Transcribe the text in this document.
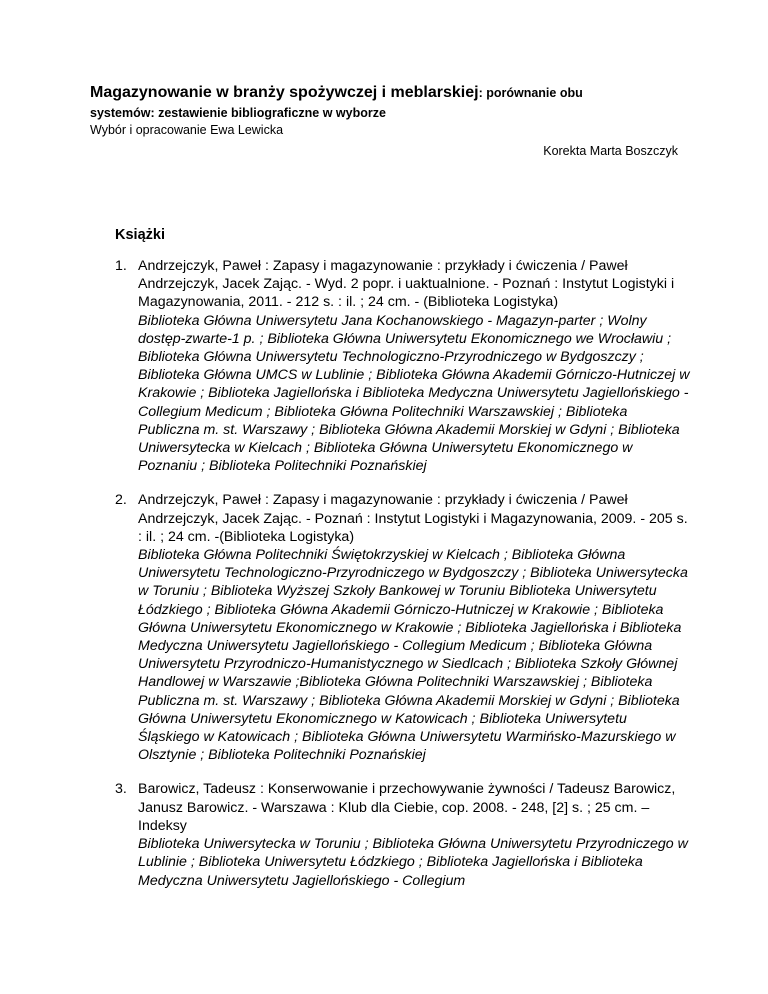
Magazynowanie w branży spożywczej i meblarskiej: porównanie obu
systemów: zestawienie bibliograficzne w wyborze
Wybór i opracowanie Ewa Lewicka
Korekta Marta Boszczyk
Książki
1. Andrzejczyk, Paweł : Zapasy i magazynowanie : przykłady i ćwiczenia / Paweł Andrzejczyk, Jacek Zając. - Wyd. 2 popr. i uaktualnione. - Poznań : Instytut Logistyki i Magazynowania, 2011. - 212 s. : il. ; 24 cm. - (Biblioteka Logistyka)
Biblioteka Główna Uniwersytetu Jana Kochanowskiego - Magazyn-parter ; Wolny dostęp-zwarte-1 p. ; Biblioteka Główna Uniwersytetu Ekonomicznego we Wrocławiu ; Biblioteka Główna Uniwersytetu Technologiczno-Przyrodniczego w Bydgoszczy ; Biblioteka Główna UMCS w Lublinie ; Biblioteka Główna Akademii Górniczo-Hutniczej w Krakowie ; Biblioteka Jagiellońska i Biblioteka Medyczna Uniwersytetu Jagiellońskiego - Collegium Medicum ; Biblioteka Główna Politechniki Warszawskiej ; Biblioteka Publiczna m. st. Warszawy ; Biblioteka Główna Akademii Morskiej w Gdyni ; Biblioteka Uniwersytecka w Kielcach ; Biblioteka Główna Uniwersytetu Ekonomicznego w Poznaniu ; Biblioteka Politechniki Poznańskiej
2. Andrzejczyk, Paweł : Zapasy i magazynowanie : przykłady i ćwiczenia / Paweł Andrzejczyk, Jacek Zając. - Poznań : Instytut Logistyki i Magazynowania, 2009. - 205 s. : il. ; 24 cm. -(Biblioteka Logistyka)
Biblioteka Główna Politechniki Świętokrzyskiej w Kielcach ; Biblioteka Główna Uniwersytetu Technologiczno-Przyrodniczego w Bydgoszczy ; Biblioteka Uniwersytecka w Toruniu ; Biblioteka Wyższej Szkoły Bankowej w Toruniu Biblioteka Uniwersytetu Łódzkiego ; Biblioteka Główna Akademii Górniczo-Hutniczej w Krakowie ; Biblioteka Główna Uniwersytetu Ekonomicznego w Krakowie ; Biblioteka Jagiellońska i Biblioteka Medyczna Uniwersytetu Jagiellońskiego - Collegium Medicum ; Biblioteka Główna Uniwersytetu Przyrodniczo-Humanistycznego w Siedlcach ; Biblioteka Szkoły Głównej Handlowej w Warszawie ;Biblioteka Główna Politechniki Warszawskiej ; Biblioteka Publiczna m. st. Warszawy ; Biblioteka Główna Akademii Morskiej w Gdyni ; Biblioteka Główna Uniwersytetu Ekonomicznego w Katowicach ; Biblioteka Uniwersytetu Śląskiego w Katowicach ; Biblioteka Główna Uniwersytetu Warmińsko-Mazurskiego w Olsztynie ; Biblioteka Politechniki Poznańskiej
3. Barowicz, Tadeusz : Konserwowanie i przechowywanie żywności / Tadeusz Barowicz, Janusz Barowicz. - Warszawa : Klub dla Ciebie, cop. 2008. - 248, [2] s. ; 25 cm. – Indeksy
Biblioteka Uniwersytecka w Toruniu ; Biblioteka Główna Uniwersytetu Przyrodniczego w Lublinie ; Biblioteka Uniwersytetu Łódzkiego ; Biblioteka Jagiellońska i Biblioteka Medyczna Uniwersytetu Jagiellońskiego - Collegium
